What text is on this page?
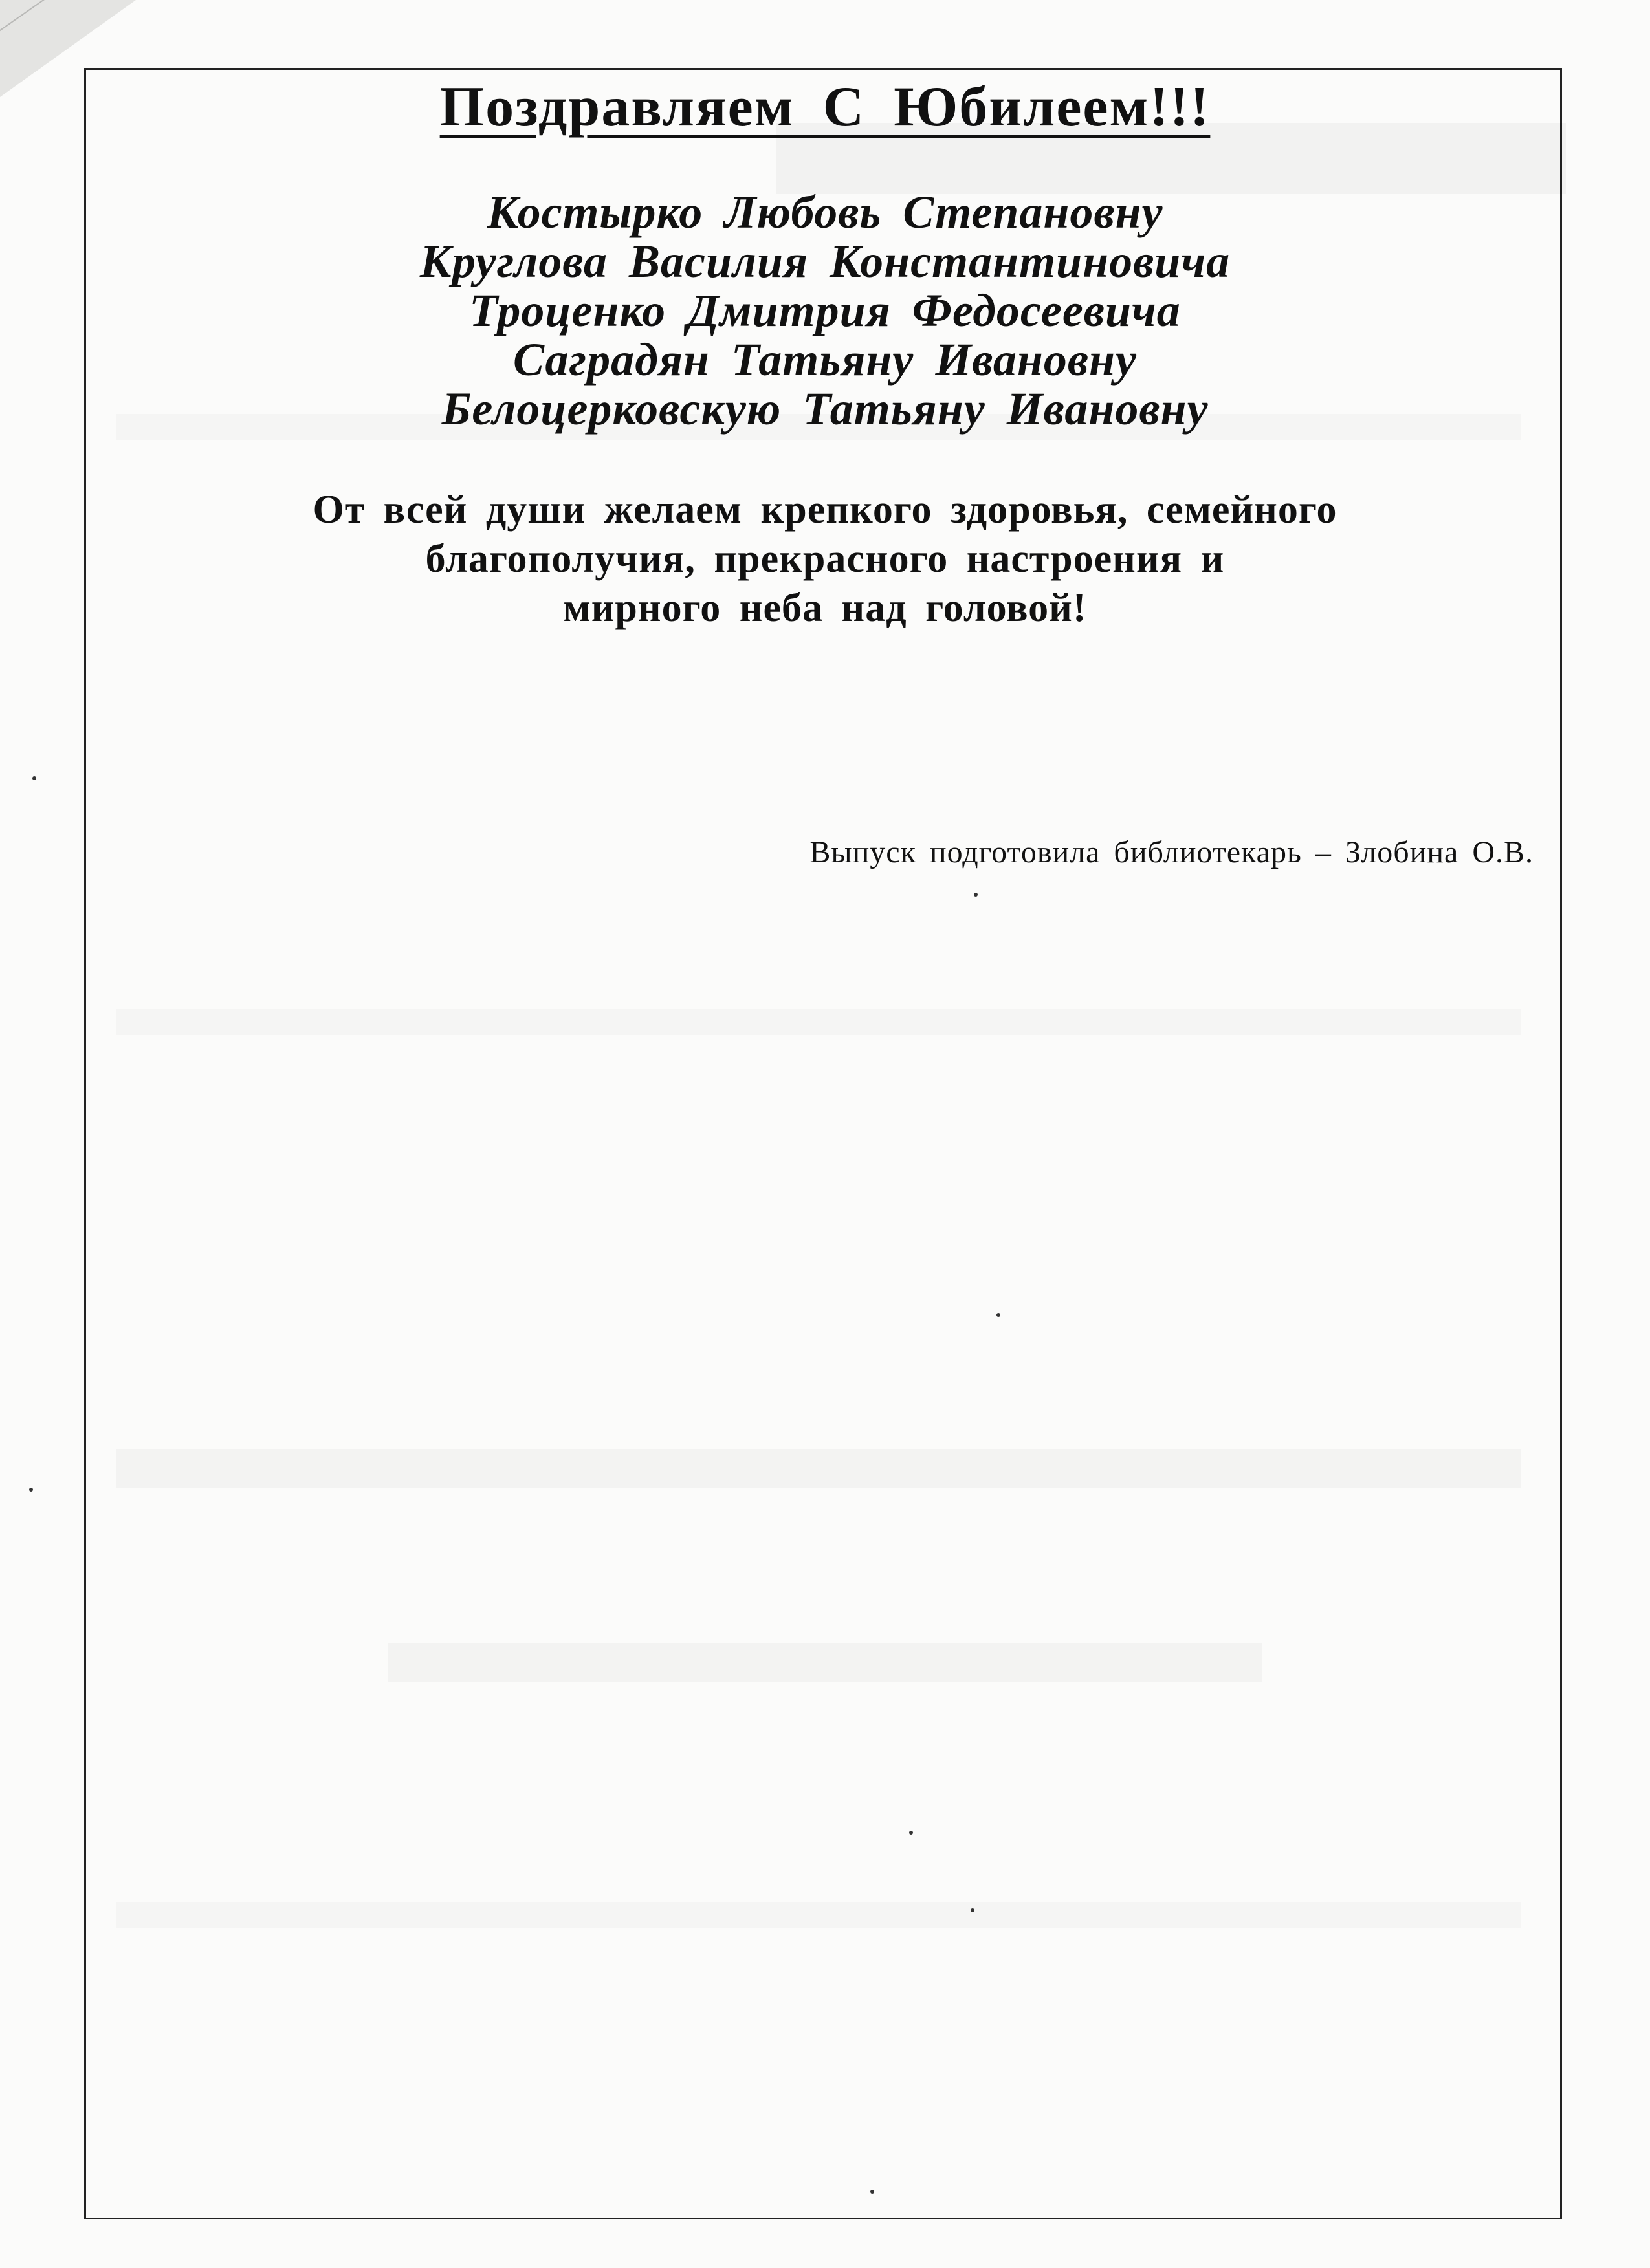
Поздравляем С Юбилеем!!!
Костырко Любовь Степановну
Круглова Василия Константиновича
Троценко Дмитрия Федосеевича
Саградян Татьяну Ивановну
Белоцерковскую Татьяну Ивановну
От всей души желаем крепкого здоровья, семейного
благополучия, прекрасного настроения и
мирного неба над головой!
Выпуск подготовила библиотекарь – Злобина О.В.
